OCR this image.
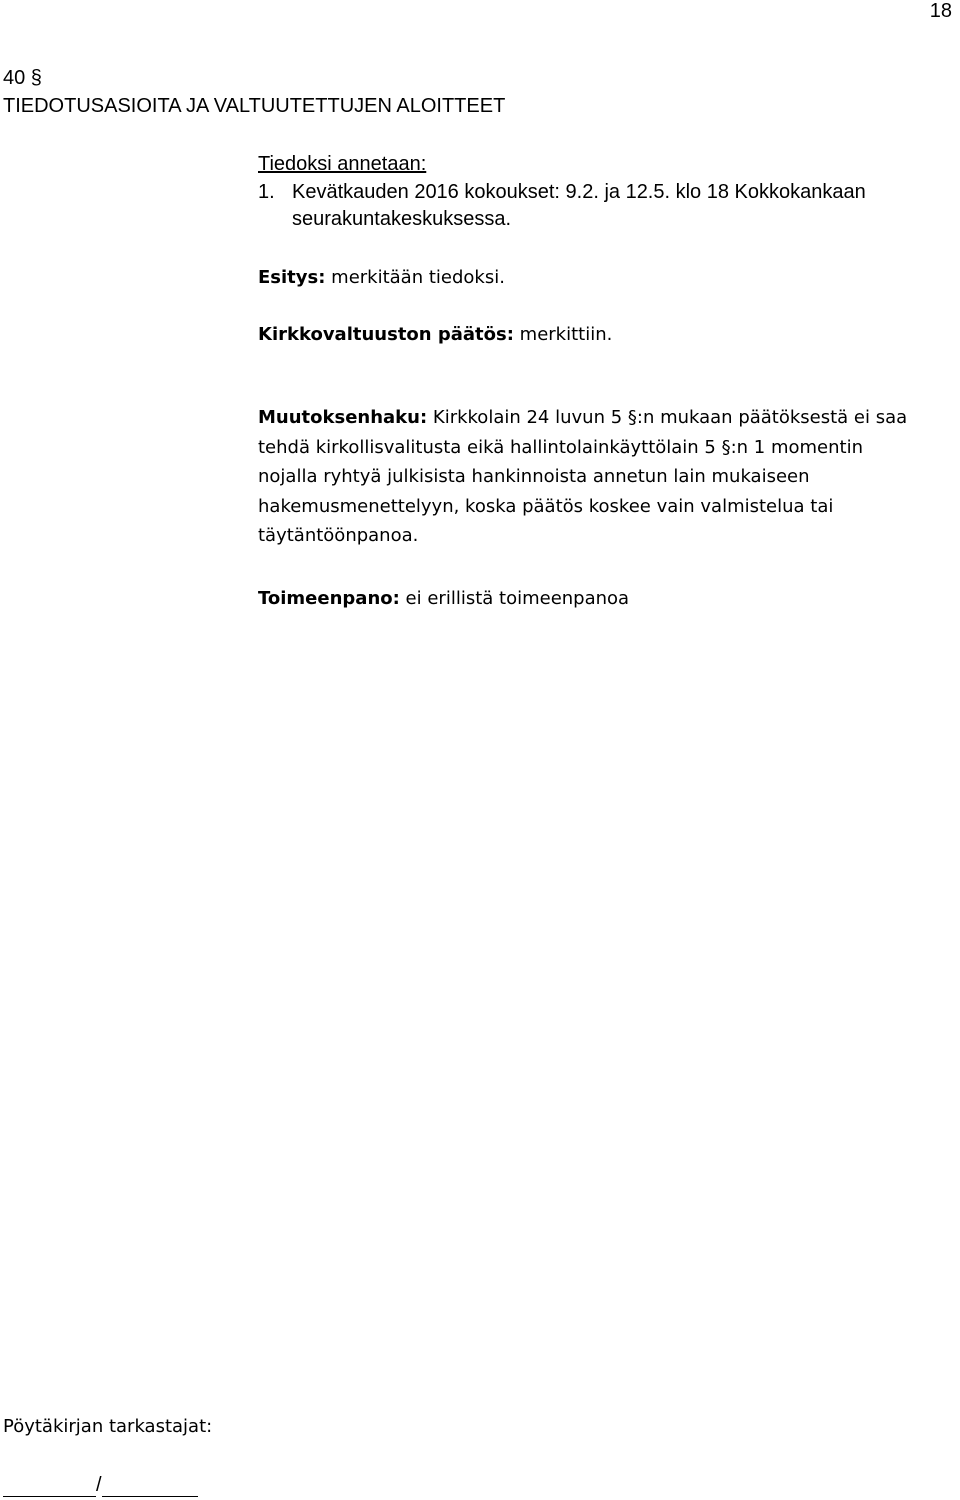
18
40 §
TIEDOTUSASIOITA JA VALTUUTETTUJEN ALOITTEET
Tiedoksi annetaan:
1. Kevätkauden 2016 kokoukset: 9.2. ja 12.5. klo 18 Kokkokankaan
seurakuntakeskuksessa.
Esitys: merkitään tiedoksi.
Kirkkovaltuuston päätös: merkittiin.
Muutoksenhaku: Kirkkolain 24 luvun 5 §:n mukaan päätöksestä ei saa tehdä kirkollisvalitusta eikä hallintolainkäyttölain 5 §:n 1 momentin nojalla ryhtyä julkisista hankinnoista annetun lain mukaiseen hakemusmenettelyyn, koska päätös koskee vain valmistelua tai täytäntöönpanoa.
Toimeenpano: ei erillistä toimeenpanoa
Pöytäkirjan tarkastajat:
/
